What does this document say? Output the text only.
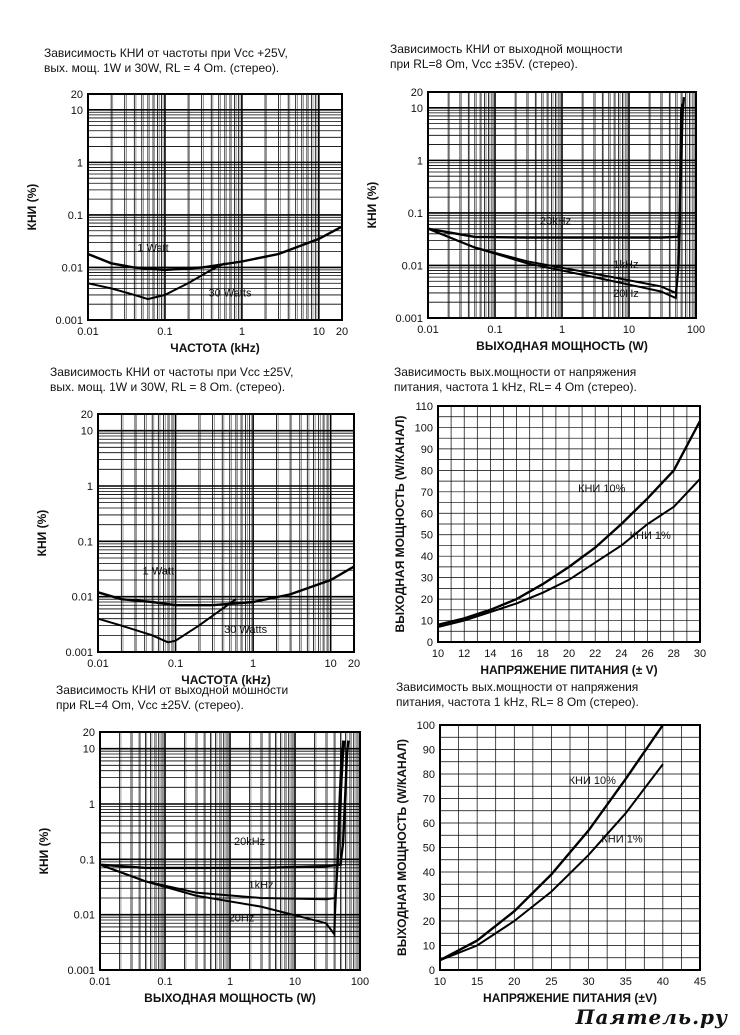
Зависимость КНИ от частоты при Vcc +25V,
вых. мощ. 1W и 30W, RL = 4 Om. (стерео).
0.01	0.1	1	10 20
0.001
0.01
0.1
1
10
20
ЧАСТОТА (kHz)
КНИ (%)
1 Watt
30 Watts
Зависимость КНИ от выходной мощности
при RL=8 Om, Vcc ±35V. (стерео).
0.01	0.1	1	10	100
0.001
0.01
0.1
1
10
20
ВЫХОДНАЯ МОЩНОСТЬ (W)
КНИ (%)	20kHz
1kHz
20Hz
Зависимость КНИ от частоты при Vcc ±25V,
вых. мощ. 1W и 30W, RL = 8 Om. (стерео).
0.01	0.1	1	10 20
0.001
0.01
0.1
1
10
20
ЧАСТОТА (kHz)
КНИ (%)
1 Watt
30 Watts
Зависимость вых.мощности от напряжения
питания, частота 1 kHz, RL= 4 Om (стерео).
10 12 14 16 18 20 22 24 26 28 30
0
10
20
30
40
50
60
70
80
90
100
110
НАПРЯЖЕНИЕ ПИТАНИЯ (± V)
ВЫХОДНАЯ МОЩНОСТЬ (W/КАНАЛ)	КНИ 10%
КНИ 1%
Зависимость КНИ от выходной мошности
при RL=4 Om, Vcc ±25V. (стерео).
0.01	0.1	1	10	100
0.001
0.01
0.1
1
10
20
ВЫХОДНАЯ МОЩНОСТЬ (W)
КНИ (%)	20kHz
1kHz
20Hz
Зависимость вых.мощности от напряжения
питания, частота 1 kHz, RL= 8 Om (стерео).
10 15 20 25 30 35 40 45
0
10
20
30
40
50
60
70
80
90
100
НАПРЯЖЕНИЕ ПИТАНИЯ (±V)
ВЫХОДНАЯ МОЩНОСТЬ (W/КАНАЛ)	КНИ 10%
КНИ 1%
Паяmель.ру
